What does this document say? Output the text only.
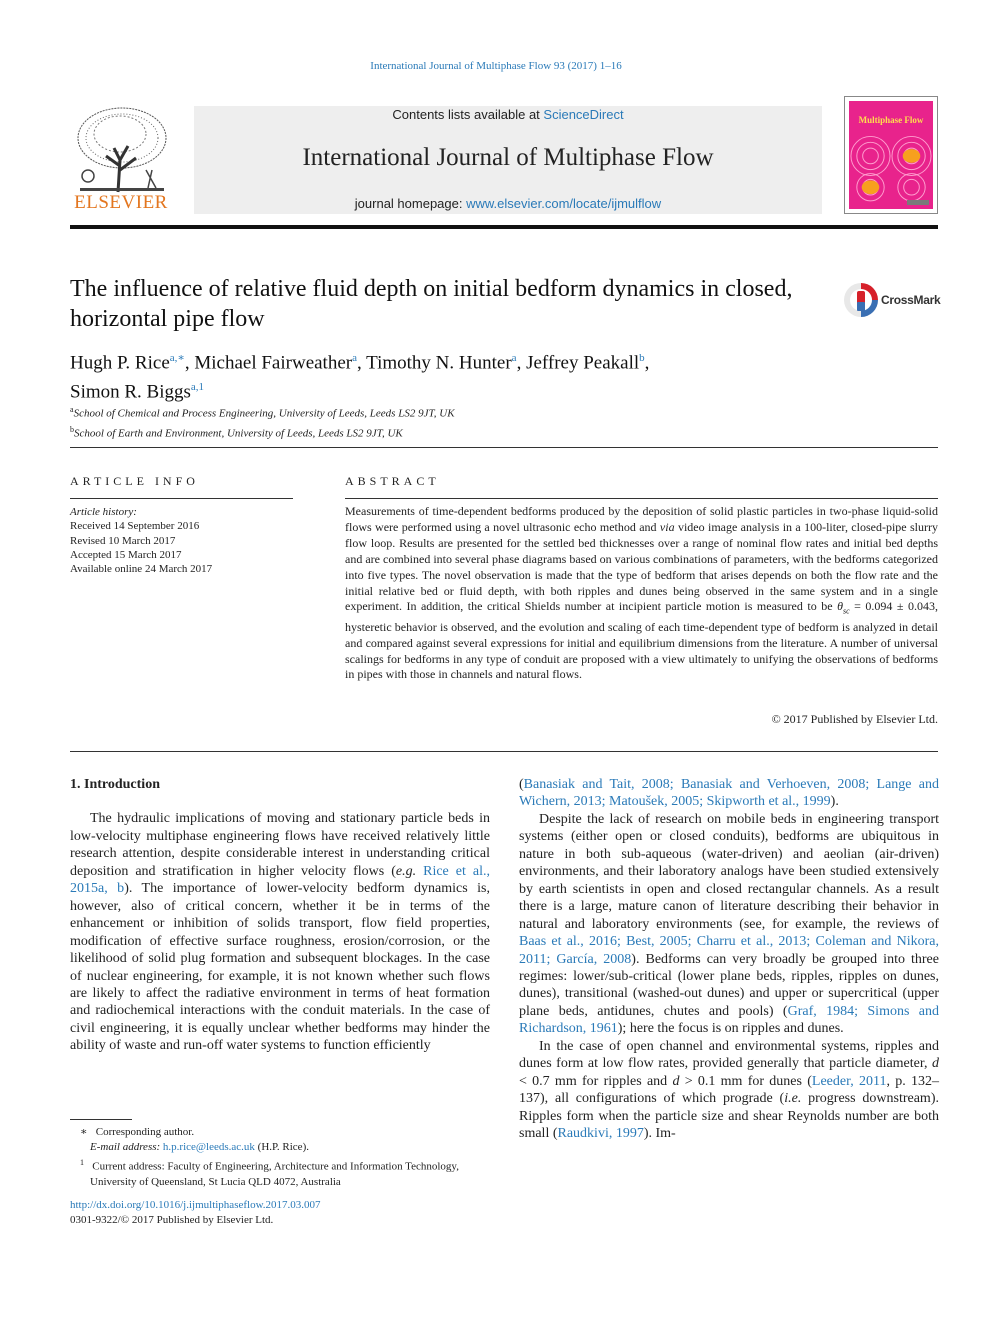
International Journal of Multiphase Flow 93 (2017) 1–16
ELSEVIER
Contents lists available at ScienceDirect
International Journal of Multiphase Flow
journal homepage: www.elsevier.com/locate/ijmulflow
Multiphase Flow
The influence of relative fluid depth on initial bedform dynamics in closed, horizontal pipe flow
CrossMark
Hugh P. Rice$^{a,∗}$, Michael Fairweather$^a$, Timothy N. Hunter$^a$, Jeffrey Peakall$^b$,
Simon R. Biggs$^{a,1}$
$^a$School of Chemical and Process Engineering, University of Leeds, Leeds LS2 9JT, UK
$^b$School of Earth and Environment, University of Leeds, Leeds LS2 9JT, UK
ARTICLE INFO
Article history:
Received 14 September 2016
Revised 10 March 2017
Accepted 15 March 2017
Available online 24 March 2017
ABSTRACT
Measurements of time-dependent bedforms produced by the deposition of solid plastic particles in two-phase liquid-solid flows were performed using a novel ultrasonic echo method and via video image analysis in a 100-liter, closed-pipe slurry flow loop. Results are presented for the settled bed thicknesses over a range of nominal flow rates and initial bed depths and are combined into several phase diagrams based on various combinations of parameters, with the bedforms categorized into five types. The novel observation is made that the type of bedform that arises depends on both the flow rate and the initial relative bed or fluid depth, with both ripples and dunes being observed in the same system and in a single experiment. In addition, the critical Shields number at incipient particle motion is measured to be $\theta_{sc} = 0.094 \pm 0.043$, hysteretic behavior is observed, and the evolution and scaling of each time-dependent type of bedform is analyzed in detail and compared against several expressions for initial and equilibrium dimensions from the literature. A number of universal scalings for bedforms in any type of conduit are proposed with a view ultimately to unifying the observations of bedforms in pipes with those in channels and natural flows.
© 2017 Published by Elsevier Ltd.
1. Introduction

The hydraulic implications of moving and stationary particle beds in low-velocity multiphase engineering flows have received relatively little research attention, despite considerable interest in understanding critical deposition and stratification in higher velocity flows (e.g. Rice et al., 2015a, b). The importance of lower-velocity bedform dynamics is, however, also of critical concern, whether it be in terms of the enhancement or inhibition of solids transport, flow field properties, modification of effective surface roughness, erosion/corrosion, or the likelihood of solid plug formation and subsequent blockages. In the case of nuclear engineering, for example, it is not known whether such flows are likely to affect the radiative environment in terms of heat formation and radiochemical interactions with the conduit materials. In the case of civil engineering, it is equally unclear whether bedforms may hinder the ability of waste and run-off water systems to function efficiently

(Banasiak and Tait, 2008; Banasiak and Verhoeven, 2008; Lange and Wichern, 2013; Matoušek, 2005; Skipworth et al., 1999).

Despite the lack of research on mobile beds in engineering transport systems (either open or closed conduits), bedforms are ubiquitous in nature in both sub-aqueous (water-driven) and aeolian (air-driven) environments, and their laboratory analogs have been studied extensively by earth scientists in open and closed rectangular channels. As a result there is a large, mature canon of literature describing their behavior in natural and laboratory environments (see, for example, the reviews of Baas et al., 2016; Best, 2005; Charru et al., 2013; Coleman and Nikora, 2011; García, 2008). Bedforms can very broadly be grouped into three regimes: lower/sub-critical (lower plane beds, ripples, ripples on dunes, dunes), transitional (washed-out dunes) and upper or supercritical (upper plane beds, antidunes, chutes and pools) (Graf, 1984; Simons and Richardson, 1961); here the focus is on ripples and dunes.

In the case of open channel and environmental systems, ripples and dunes form at low flow rates, provided generally that particle diameter, d < 0.7 mm for ripples and d > 0.1 mm for dunes (Leeder, 2011, p. 132–137), all configurations of which prograde (i.e. progress downstream). Ripples form when the particle size and shear Reynolds number are both small (Raudkivi, 1997). Im-

∗ Corresponding author.

E-mail address: h.p.rice@leeds.ac.uk (H.P. Rice).

$^1$ Current address: Faculty of Engineering, Architecture and Information Technology, University of Queensland, St Lucia QLD 4072, Australia

http://dx.doi.org/10.1016/j.ijmultiphaseflow.2017.03.007
0301-9322/© 2017 Published by Elsevier Ltd.
